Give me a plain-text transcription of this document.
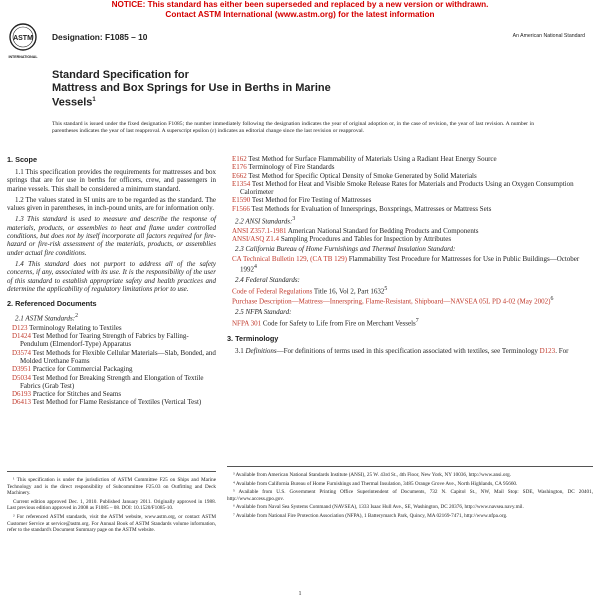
NOTICE: This standard has either been superseded and replaced by a new version or withdrawn.
Contact ASTM International (www.astm.org) for the latest information
ASTM
INTERNATIONAL
Designation: F1085 – 10	An American National Standard
Standard Specification for
Mattress and Box Springs for Use in Berths in Marine
Vessels$^1$
This standard is issued under the fixed designation F1085; the number immediately following the designation indicates the year of original adoption or, in the case of revision, the year of last revision. A number in parentheses indicates the year of last reapproval. A superscript epsilon (ε) indicates an editorial change since the last revision or reapproval.
1. Scope

1.1 This specification provides the requirements for mattresses and box springs that are for use in berths for officers, crew, and passengers in marine vessels. This shall be considered a minimum standard.

1.2 The values stated in SI units are to be regarded as the standard. The values given in parentheses, in inch-pound units, are for information only.

1.3 This standard is used to measure and describe the response of materials, products, or assemblies to heat and flame under controlled conditions, but does not by itself incorporate all factors required for fire-hazard or fire-risk assessment of the materials, products, or assemblies under actual fire conditions.

1.4 This standard does not purport to address all of the safety concerns, if any, associated with its use. It is the responsibility of the user of this standard to establish appropriate safety and health practices and determine the applicability of regulatory limitations prior to use.

2. Referenced Documents
2.1 ASTM Standards:$^2$
D123 Terminology Relating to Textiles
D1424 Test Method for Tearing Strength of Fabrics by Falling-Pendulum (Elmendorf-Type) Apparatus
D3574 Test Methods for Flexible Cellular Materials—Slab, Bonded, and Molded Urethane Foams
D3951 Practice for Commercial Packaging
D5034 Test Method for Breaking Strength and Elongation of Textile Fabrics (Grab Test)
D6193 Practice for Stitches and Seams
D6413 Test Method for Flame Resistance of Textiles (Vertical Test)
E162 Test Method for Surface Flammability of Materials Using a Radiant Heat Energy Source
E176 Terminology of Fire Standards
E662 Test Method for Specific Optical Density of Smoke Generated by Solid Materials
E1354 Test Method for Heat and Visible Smoke Release Rates for Materials and Products Using an Oxygen Consumption Calorimeter
E1590 Test Method for Fire Testing of Mattresses
F1566 Test Methods for Evaluation of Innersprings, Boxsprings, Mattresses or Mattress Sets
2.2 ANSI Standards:$^3$
ANSI Z357.1-1981 American National Standard for Bedding Products and Components
ANSI/ASQ Z1.4 Sampling Procedures and Tables for Inspection by Attributes
2.3 California Bureau of Home Furnishings and Thermal Insulation Standard:
CA Technical Bulletin 129, (CA TB 129) Flammability Test Procedure for Mattresses for Use in Public Buildings—October 1992$^4$
2.4 Federal Standards:
Code of Federal Regulations Title 16, Vol 2, Part 1632$^5$
Purchase Description—Mattress—Innerspring, Flame-Resistant, Shipboard—NAVSEA 05L PD 4-02 (May 2002)$^6$
2.5 NFPA Standard:
NFPA 301 Code for Safety to Life from Fire on Merchant Vessels$^7$
3. Terminology

3.1 Definitions—For definitions of terms used in this specification associated with textiles, see Terminology D123. For

¹ This specification is under the jurisdiction of ASTM Committee F25 on Ships and Marine Technology and is the direct responsibility of Subcommittee F25.03 on Outfitting and Deck Machinery.

Current edition approved Dec. 1, 2010. Published January 2011. Originally approved in 1988. Last previous edition approved in 2008 as F1085 – 08. DOI: 10.1520/F1085-10.

² For referenced ASTM standards, visit the ASTM website, www.astm.org, or contact ASTM Customer Service at service@astm.org. For Annual Book of ASTM Standards volume information, refer to the standard's Document Summary page on the ASTM website.

³ Available from American National Standards Institute (ANSI), 25 W. 43rd St., 4th Floor, New York, NY 10036, http://www.ansi.org.

⁴ Available from California Bureau of Home Furnishings and Thermal Insulation, 3485 Orange Grove Ave., North Highlands, CA 95660.

⁵ Available from U.S. Government Printing Office Superintendent of Documents, 732 N. Capitol St., NW, Mail Stop: SDE, Washington, DC 20401, http://www.access.gpo.gov.

⁶ Available from Naval Sea Systems Command (NAVSEA), 1333 Isaac Hull Ave., SE, Washington, DC 20376, http://www.navsea.navy.mil.

⁷ Available from National Fire Protection Association (NFPA), 1 Batterymarch Park, Quincy, MA 02169-7471, http://www.nfpa.org.

1
